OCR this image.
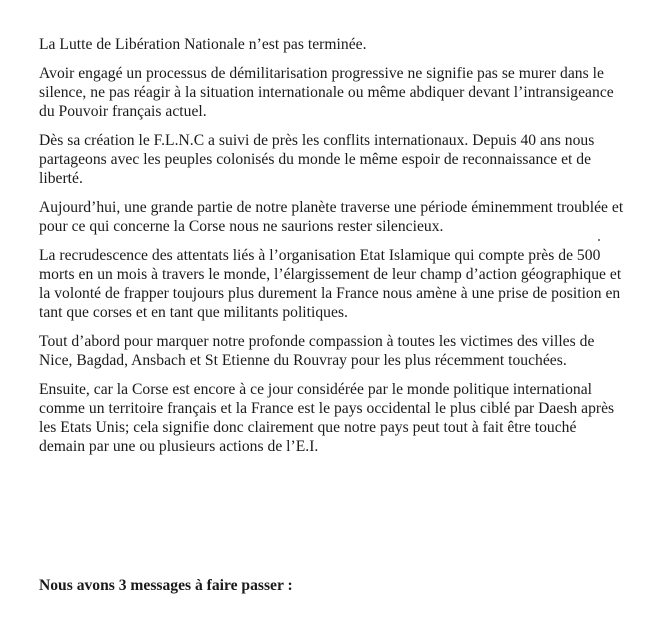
La Lutte de Libération Nationale n’est pas terminée.

Avoir engagé un processus de démilitarisation progressive ne signifie pas se murer dans le silence, ne pas réagir à la situation internationale ou même abdiquer devant l’intransigeance du Pouvoir français actuel.

Dès sa création le F.L.N.C a suivi de près les conflits internationaux. Depuis 40 ans nous partageons avec les peuples colonisés du monde le même espoir de reconnaissance et de liberté.

Aujourd’hui, une grande partie de notre planète traverse une période éminemment troublée et pour ce qui concerne la Corse nous ne saurions rester silencieux.

La recrudescence des attentats liés à l’organisation Etat Islamique qui compte près de 500 morts en un mois à travers le monde, l’élargissement de leur champ d’action géographique et la volonté de frapper toujours plus durement la France nous amène à une prise de position en tant que corses et en tant que militants politiques.

Tout d’abord pour marquer notre profonde compassion à toutes les victimes des villes de Nice, Bagdad, Ansbach et St Etienne du Rouvray pour les plus récemment touchées.

Ensuite, car la Corse est encore à ce jour considérée par le monde politique international comme un territoire français et la France est le pays occidental le plus ciblé par Daesh après les Etats Unis; cela signifie donc clairement que notre pays peut tout à fait être touché demain par une ou plusieurs actions de l’E.I.

Nous avons 3 messages à faire passer :
